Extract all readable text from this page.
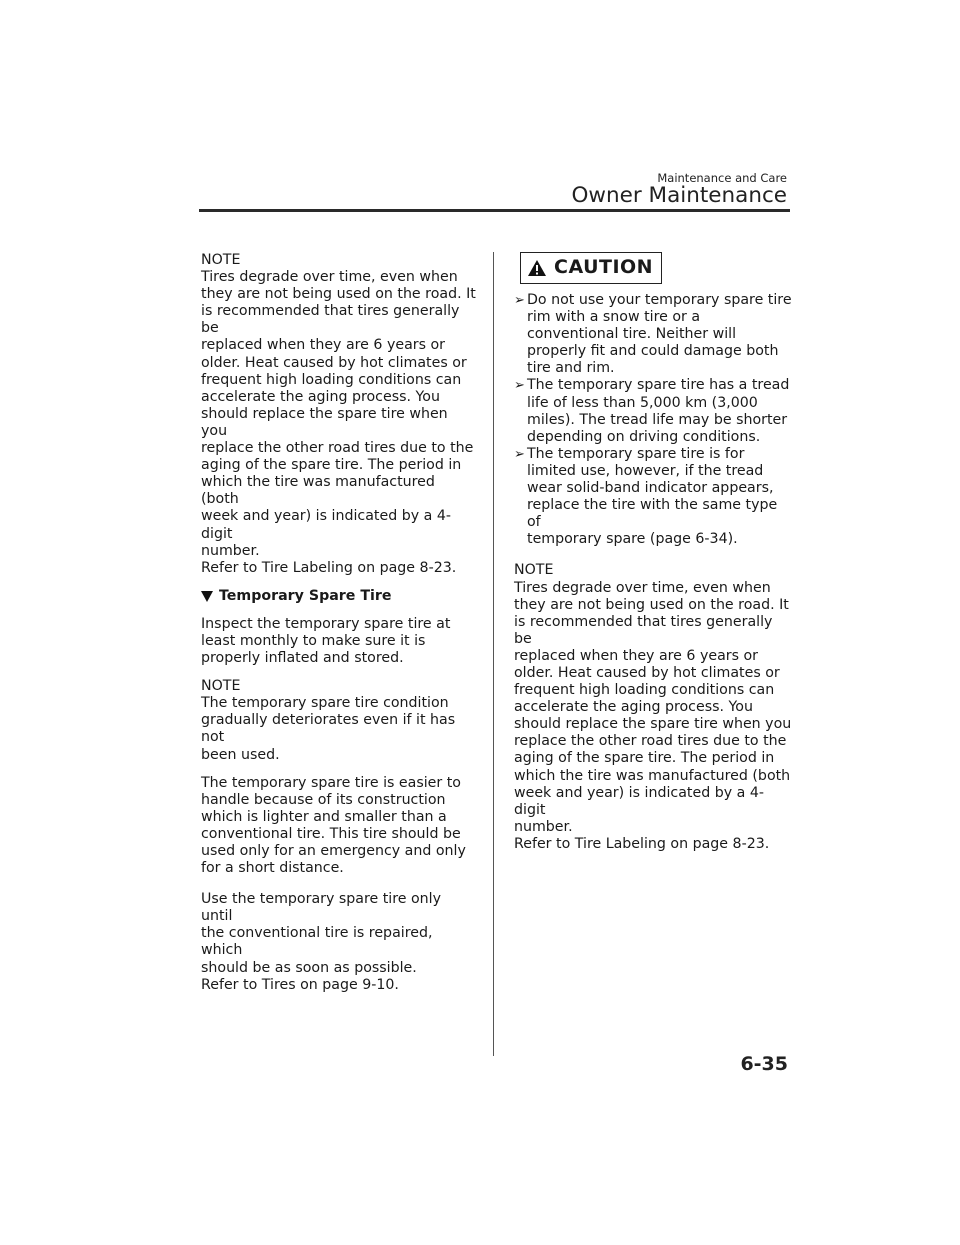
Maintenance and Care
Owner Maintenance
NOTE
Tires degrade over time, even when
they are not being used on the road. It
is recommended that tires generally be
replaced when they are 6 years or
older. Heat caused by hot climates or
frequent high loading conditions can
accelerate the aging process. You
should replace the spare tire when you
replace the other road tires due to the
aging of the spare tire. The period in
which the tire was manufactured (both
week and year) is indicated by a 4-digit
number.
Refer to Tire Labeling on page 8-23.
Temporary Spare Tire
Inspect the temporary spare tire at
least monthly to make sure it is
properly inflated and stored.
NOTE
The temporary spare tire condition
gradually deteriorates even if it has not
been used.
The temporary spare tire is easier to
handle because of its construction
which is lighter and smaller than a
conventional tire. This tire should be
used only for an emergency and only
for a short distance.
Use the temporary spare tire only until
the conventional tire is repaired, which
should be as soon as possible.
Refer to Tires on page 9-10.
CAUTION
➢ Do not use your temporary spare tire
rim with a snow tire or a
conventional tire. Neither will
properly fit and could damage both
tire and rim.
➢ The temporary spare tire has a tread
life of less than 5,000 km (3,000
miles). The tread life may be shorter
depending on driving conditions.
➢ The temporary spare tire is for
limited use, however, if the tread
wear solid-band indicator appears,
replace the tire with the same type of
temporary spare (page 6-34).
NOTE
Tires degrade over time, even when
they are not being used on the road. It
is recommended that tires generally be
replaced when they are 6 years or
older. Heat caused by hot climates or
frequent high loading conditions can
accelerate the aging process. You
should replace the spare tire when you
replace the other road tires due to the
aging of the spare tire. The period in
which the tire was manufactured (both
week and year) is indicated by a 4-digit
number.
Refer to Tire Labeling on page 8-23.
6-35
